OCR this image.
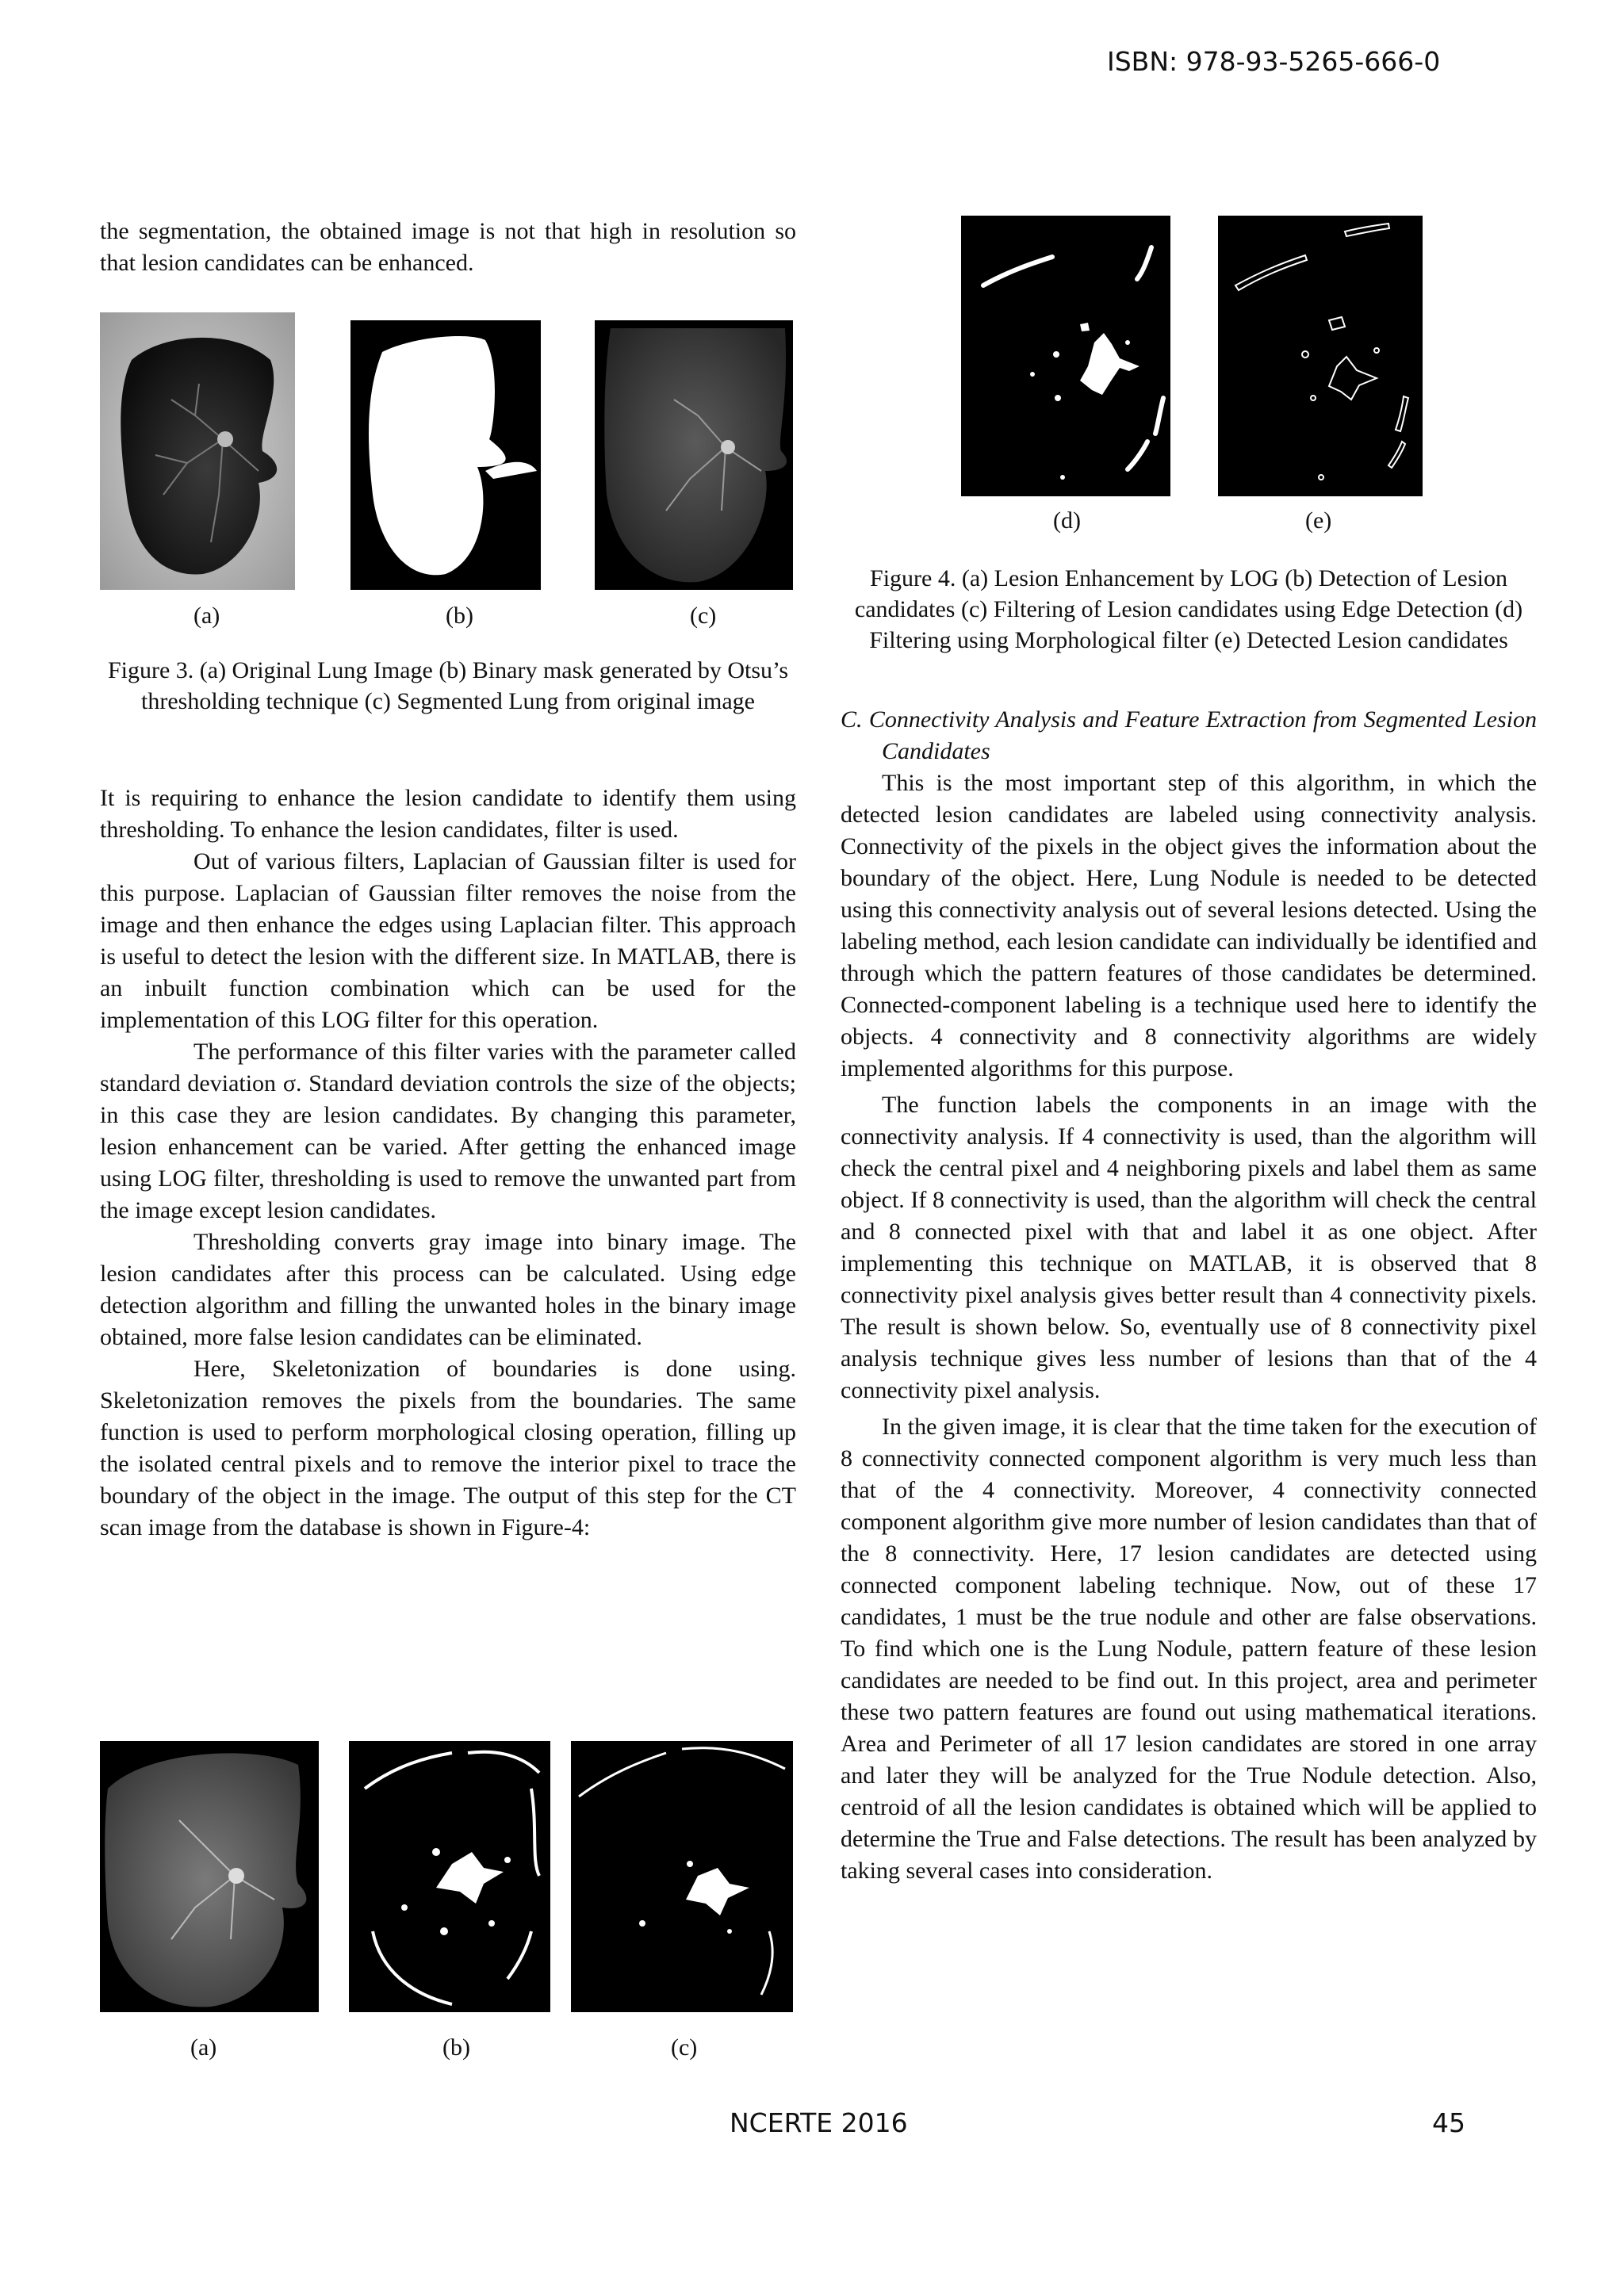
ISBN: 978-93-5265-666-0

the segmentation, the obtained image is not that high in resolution so that lesion candidates can be enhanced.

(a)	(b)	(c)
Figure 3. (a) Original Lung Image (b) Binary mask generated by Otsu’s thresholding technique (c) Segmented Lung from original image

It is requiring to enhance the lesion candidate to identify them using thresholding. To enhance the lesion candidates, filter is used.

Out of various filters, Laplacian of Gaussian filter is used for this purpose. Laplacian of Gaussian filter removes the noise from the image and then enhance the edges using Laplacian filter. This approach is useful to detect the lesion with the different size. In MATLAB, there is an inbuilt function combination which can be used for the implementation of this LOG filter for this operation.

The performance of this filter varies with the parameter called standard deviation σ. Standard deviation controls the size of the objects; in this case they are lesion candidates. By changing this parameter, lesion enhancement can be varied. After getting the enhanced image using LOG filter, thresholding is used to remove the unwanted part from the image except lesion candidates.

Thresholding converts gray image into binary image. The lesion candidates after this process can be calculated. Using edge detection algorithm and filling the unwanted holes in the binary image obtained, more false lesion candidates can be eliminated.

Here, Skeletonization of boundaries is done using. Skeletonization removes the pixels from the boundaries. The same function is used to perform morphological closing operation, filling up the isolated central pixels and to remove the interior pixel to trace the boundary of the object in the image. The output of this step for the CT scan image from the database is shown in Figure-4:

(a)	(b)	(c)
(d)	(e)
Figure 4. (a) Lesion Enhancement by LOG (b) Detection of Lesion candidates (c) Filtering of Lesion candidates using Edge Detection (d) Filtering using Morphological filter (e) Detected Lesion candidates

C. Connectivity Analysis and Feature Extraction from Segmented Lesion Candidates

This is the most important step of this algorithm, in which the detected lesion candidates are labeled using connectivity analysis. Connectivity of the pixels in the object gives the information about the boundary of the object. Here, Lung Nodule is needed to be detected using this connectivity analysis out of several lesions detected. Using the labeling method, each lesion candidate can individually be identified and through which the pattern features of those candidates be determined. Connected-component labeling is a technique used here to identify the objects. 4 connectivity and 8 connectivity algorithms are widely implemented algorithms for this purpose.

The function labels the components in an image with the connectivity analysis. If 4 connectivity is used, than the algorithm will check the central pixel and 4 neighboring pixels and label them as same object. If 8 connectivity is used, than the algorithm will check the central and 8 connected pixel with that and label it as one object. After implementing this technique on MATLAB, it is observed that 8 connectivity pixel analysis gives better result than 4 connectivity pixels. The result is shown below. So, eventually use of 8 connectivity pixel analysis technique gives less number of lesions than that of the 4 connectivity pixel analysis.

In the given image, it is clear that the time taken for the execution of 8 connectivity connected component algorithm is very much less than that of the 4 connectivity. Moreover, 4 connectivity connected component algorithm give more number of lesion candidates than that of the 8 connectivity. Here, 17 lesion candidates are detected using connected component labeling technique. Now, out of these 17 candidates, 1 must be the true nodule and other are false observations. To find which one is the Lung Nodule, pattern feature of these lesion candidates are needed to be find out. In this project, area and perimeter these two pattern features are found out using mathematical iterations. Area and Perimeter of all 17 lesion candidates are stored in one array and later they will be analyzed for the True Nodule detection. Also, centroid of all the lesion candidates is obtained which will be applied to determine the True and False detections. The result has been analyzed by taking several cases into consideration.

NCERTE 2016	45
